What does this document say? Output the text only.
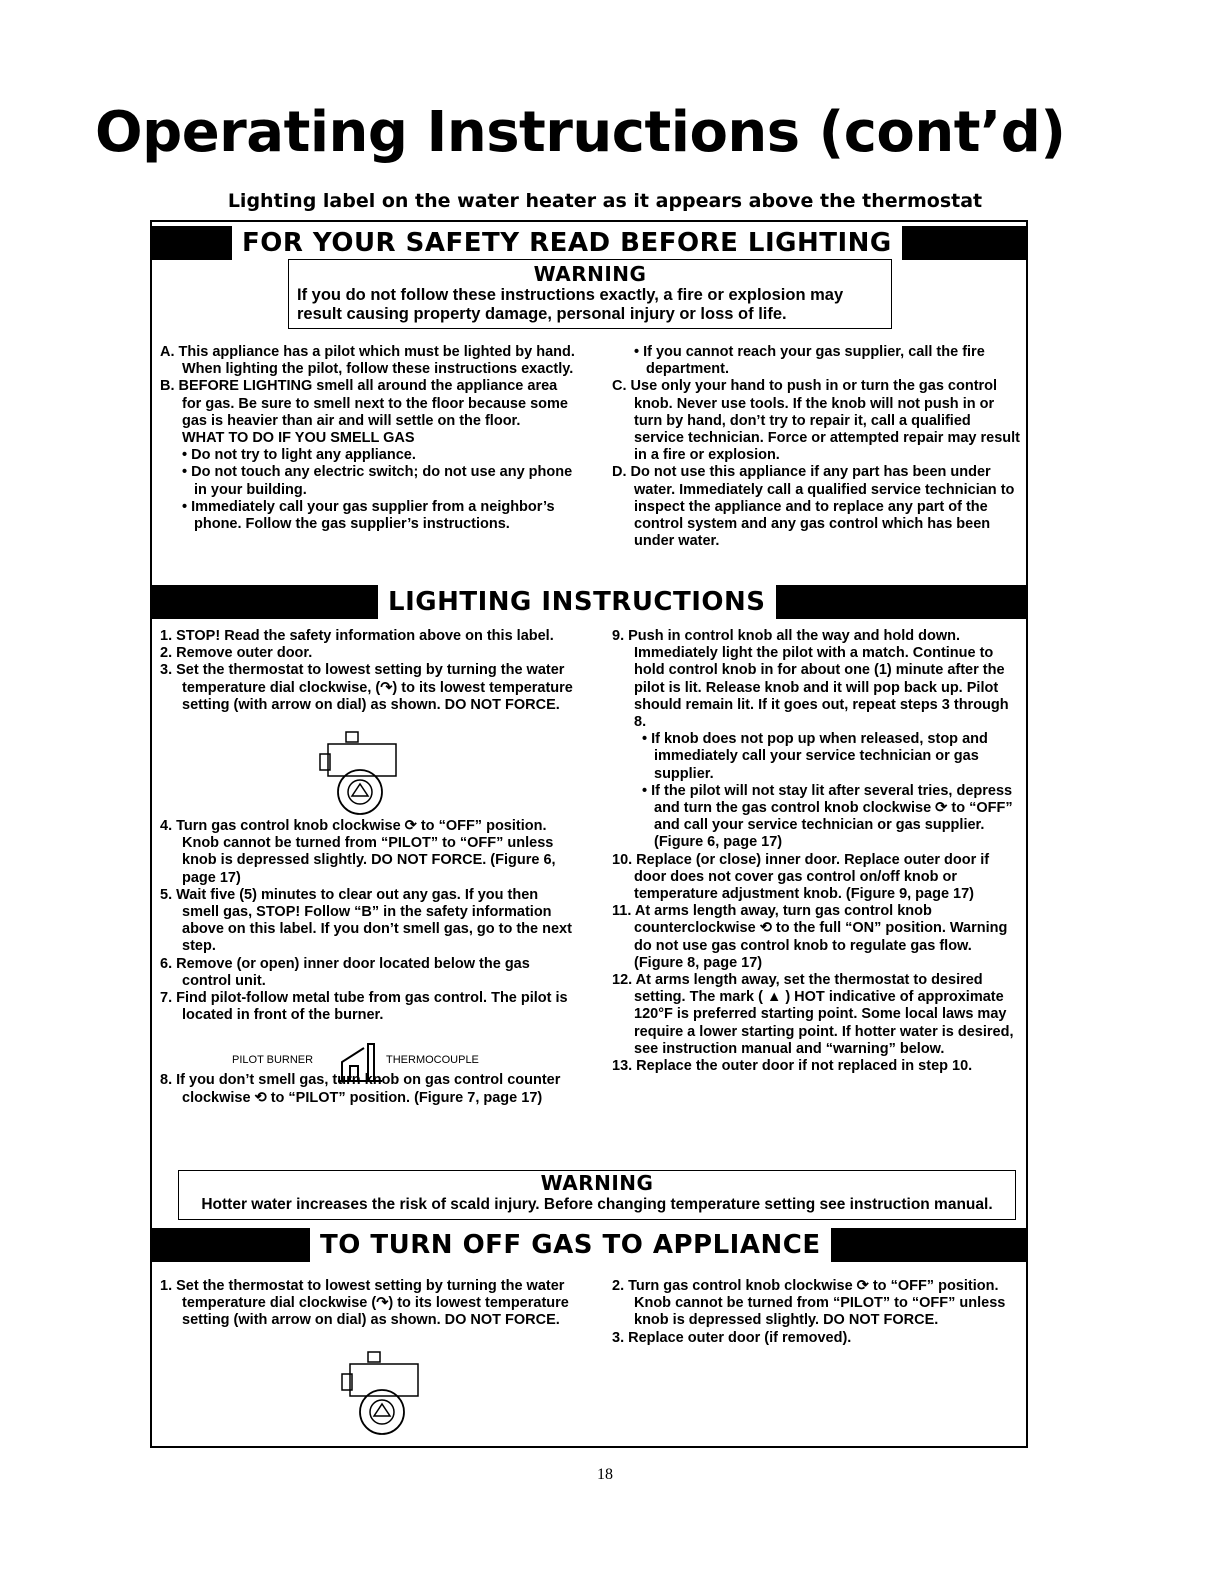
Operating Instructions (cont’d)
Lighting label on the water heater as it appears above the thermostat
FOR YOUR SAFETY READ BEFORE LIGHTING
WARNING
If you do not follow these instructions exactly, a fire or explosion may result causing property damage, personal injury or loss of life.

A. This appliance has a pilot which must be lighted by hand. When lighting the pilot, follow these instructions exactly.

B. BEFORE LIGHTING smell all around the appliance area for gas. Be sure to smell next to the floor because some gas is heavier than air and will settle on the floor.

WHAT TO DO IF YOU SMELL GAS

• Do not try to light any appliance.

• Do not touch any electric switch; do not use any phone in your building.

• Immediately call your gas supplier from a neighbor’s phone. Follow the gas supplier’s instructions.

• If you cannot reach your gas supplier, call the fire department.

C. Use only your hand to push in or turn the gas control knob. Never use tools. If the knob will not push in or turn by hand, don’t try to repair it, call a qualified service technician. Force or attempted repair may result in a fire or explosion.

D. Do not use this appliance if any part has been under water. Immediately call a qualified service technician to inspect the appliance and to replace any part of the control system and any gas control which has been under water.

LIGHTING INSTRUCTIONS

1. STOP! Read the safety information above on this label.

2. Remove outer door.

3. Set the thermostat to lowest setting by turning the water temperature dial clockwise, (↷) to its lowest temperature setting (with arrow on dial) as shown. DO NOT FORCE.

4. Turn gas control knob clockwise ⟳ to “OFF” position. Knob cannot be turned from “PILOT” to “OFF” unless knob is depressed slightly. DO NOT FORCE. (Figure 6, page 17)

5. Wait five (5) minutes to clear out any gas. If you then smell gas, STOP! Follow “B” in the safety information above on this label. If you don’t smell gas, go to the next step.

6. Remove (or open) inner door located below the gas control unit.

7. Find pilot-follow metal tube from gas control. The pilot is located in front of the burner.

8. If you don’t smell gas, turn knob on gas control counter clockwise ⟲ to “PILOT” position. (Figure 7, page 17)

PILOT BURNER	THERMOCOUPLE

9. Push in control knob all the way and hold down. Immediately light the pilot with a match. Continue to hold control knob in for about one (1) minute after the pilot is lit. Release knob and it will pop back up. Pilot should remain lit. If it goes out, repeat steps 3 through 8.

• If knob does not pop up when released, stop and immediately call your service technician or gas supplier.

• If the pilot will not stay lit after several tries, depress and turn the gas control knob clockwise ⟳ to “OFF” and call your service technician or gas supplier. (Figure 6, page 17)

10. Replace (or close) inner door. Replace outer door if door does not cover gas control on/off knob or temperature adjustment knob. (Figure 9, page 17)

11. At arms length away, turn gas control knob counterclockwise ⟲ to the full “ON” position. Warning do not use gas control knob to regulate gas flow. (Figure 8, page 17)

12. At arms length away, set the thermostat to desired setting. The mark ( ▲ ) HOT indicative of approximate 120°F is preferred starting point. Some local laws may require a lower starting point. If hotter water is desired, see instruction manual and “warning” below.

13. Replace the outer door if not replaced in step 10.

WARNING
Hotter water increases the risk of scald injury. Before changing temperature setting see instruction manual.
TO TURN OFF GAS TO APPLIANCE

1. Set the thermostat to lowest setting by turning the water temperature dial clockwise (↷) to its lowest temperature setting (with arrow on dial) as shown. DO NOT FORCE.

2. Turn gas control knob clockwise ⟳ to “OFF” position. Knob cannot be turned from “PILOT” to “OFF” unless knob is depressed slightly. DO NOT FORCE.

3. Replace outer door (if removed).

18
